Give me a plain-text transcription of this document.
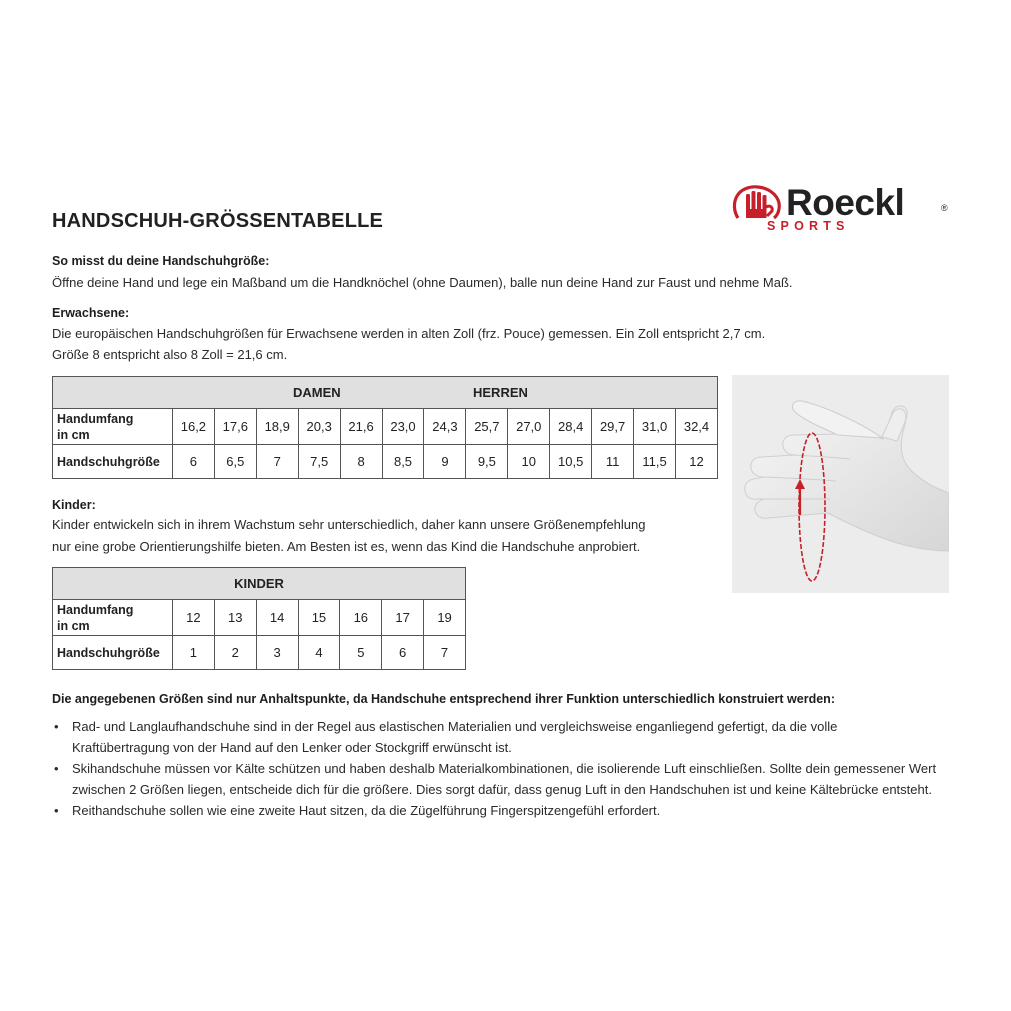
HANDSCHUH-GRÖSSENTABELLE	Roeckl	®
SPORTS
So misst du deine Handschuhgröße:
Öffne deine Hand und lege ein Maßband um die Handknöchel (ohne Daumen), balle nun deine Hand zur Faust und nehme Maß.
Erwachsene:
Die europäischen Handschuhgrößen für Erwachsene werden in alten Zoll (frz. Pouce) gemessen. Ein Zoll entspricht 2,7 cm.
Größe 8 entspricht also 8 Zoll = 21,6 cm.
DAMEN HERREN													

Handumfang
in cm	16,2	17,6	18,9	20,3	21,6	23,0	24,3	25,7	27,0	28,4	29,7	31,0	32,4
Handschuhgröße	6	6,5	7	7,5	8	8,5	9	9,5	10	10,5	11	11,5	12
Kinder:
Kinder entwickeln sich in ihrem Wachstum sehr unterschiedlich, daher kann unsere Größenempfehlung
nur eine grobe Orientierungshilfe bieten. Am Besten ist es, wenn das Kind die Handschuhe anprobiert.
KINDER							

Handumfang
in cm	12	13	14	15	16	17	19
Handschuhgröße	1	2	3	4	5	6	7
Die angegebenen Größen sind nur Anhaltspunkte, da Handschuhe entsprechend ihrer Funktion unterschiedlich konstruiert werden:
• Rad- und Langlaufhandschuhe sind in der Regel aus elastischen Materialien und vergleichsweise enganliegend gefertigt, da die volle
Kraftübertragung von der Hand auf den Lenker oder Stockgriff erwünscht ist.
• Skihandschuhe müssen vor Kälte schützen und haben deshalb Materialkombinationen, die isolierende Luft einschließen. Sollte dein gemessener Wert
zwischen 2 Größen liegen, entscheide dich für die größere. Dies sorgt dafür, dass genug Luft in den Handschuhen ist und keine Kältebrücke entsteht.
• Reithandschuhe sollen wie eine zweite Haut sitzen, da die Zügelführung Fingerspitzengefühl erfordert.
